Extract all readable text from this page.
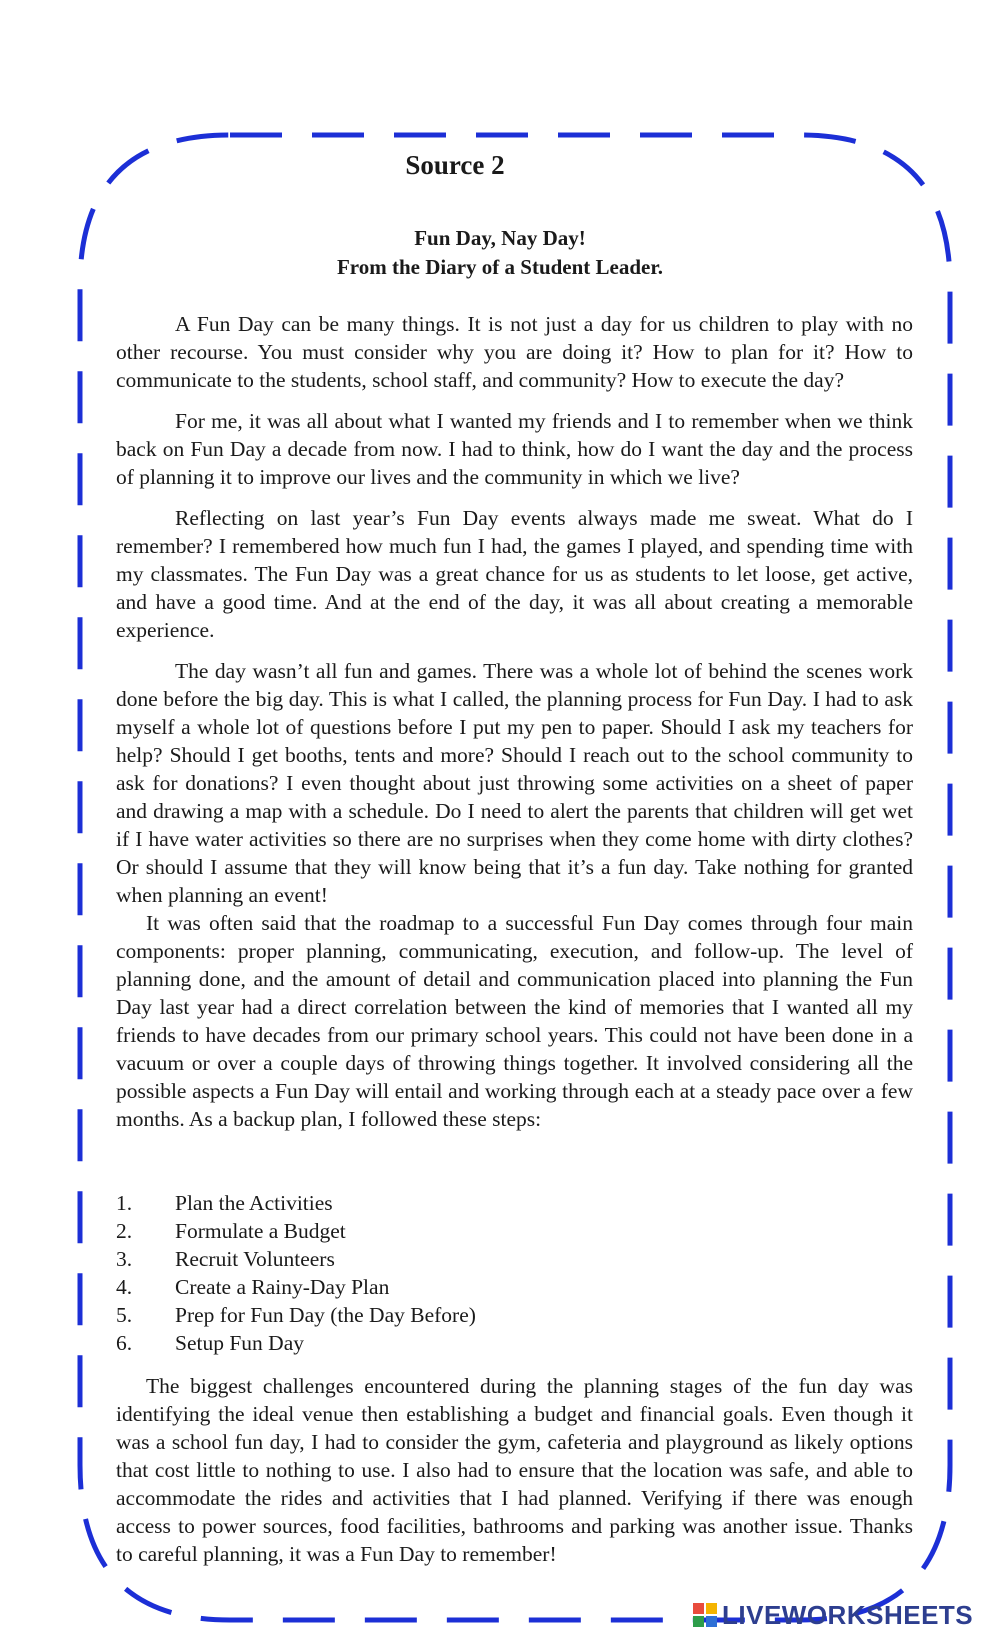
Source 2
Fun Day, Nay Day!
From the Diary of a Student Leader.

A Fun Day can be many things. It is not just a day for us children to play with no other recourse. You must consider why you are doing it? How to plan for it? How to communicate to the students, school staff, and community? How to execute the day?

For me, it was all about what I wanted my friends and I to remember when we think back on Fun Day a decade from now. I had to think, how do I want the day and the process of planning it to improve our lives and the community in which we live?

Reflecting on last year’s Fun Day events always made me sweat. What do I remember? I remembered how much fun I had, the games I played, and spending time with my classmates. The Fun Day was a great chance for us as students to let loose, get active, and have a good time. And at the end of the day, it was all about creating a memorable experience.

The day wasn’t all fun and games. There was a whole lot of behind the scenes work done before the big day. This is what I called, the planning process for Fun Day. I had to ask myself a whole lot of questions before I put my pen to paper. Should I ask my teachers for help? Should I get booths, tents and more? Should I reach out to the school community to ask for donations? I even thought about just throwing some activities on a sheet of paper and drawing a map with a schedule. Do I need to alert the parents that children will get wet if I have water activities so there are no surprises when they come home with dirty clothes? Or should I assume that they will know being that it’s a fun day. Take nothing for granted when planning an event!

It was often said that the roadmap to a successful Fun Day comes through four main components: proper planning, communicating, execution, and follow-up. The level of planning done, and the amount of detail and communication placed into planning the Fun Day last year had a direct correlation between the kind of memories that I wanted all my friends to have decades from our primary school years. This could not have been done in a vacuum or over a couple days of throwing things together. It involved considering all the possible aspects a Fun Day will entail and working through each at a steady pace over a few months. As a backup plan, I followed these steps:

1.	Plan the Activities
2.	Formulate a Budget
3.	Recruit Volunteers
4.	Create a Rainy-Day Plan
5.	Prep for Fun Day (the Day Before)
6.	Setup Fun Day

The biggest challenges encountered during the planning stages of the fun day was identifying the ideal venue then establishing a budget and financial goals. Even though it was a school fun day, I had to consider the gym, cafeteria and playground as likely options that cost little to nothing to use. I also had to ensure that the location was safe, and able to accommodate the rides and activities that I had planned. Verifying if there was enough access to power sources, food facilities, bathrooms and parking was another issue. Thanks to careful planning, it was a Fun Day to remember!

LIVEWORKSHEETS
